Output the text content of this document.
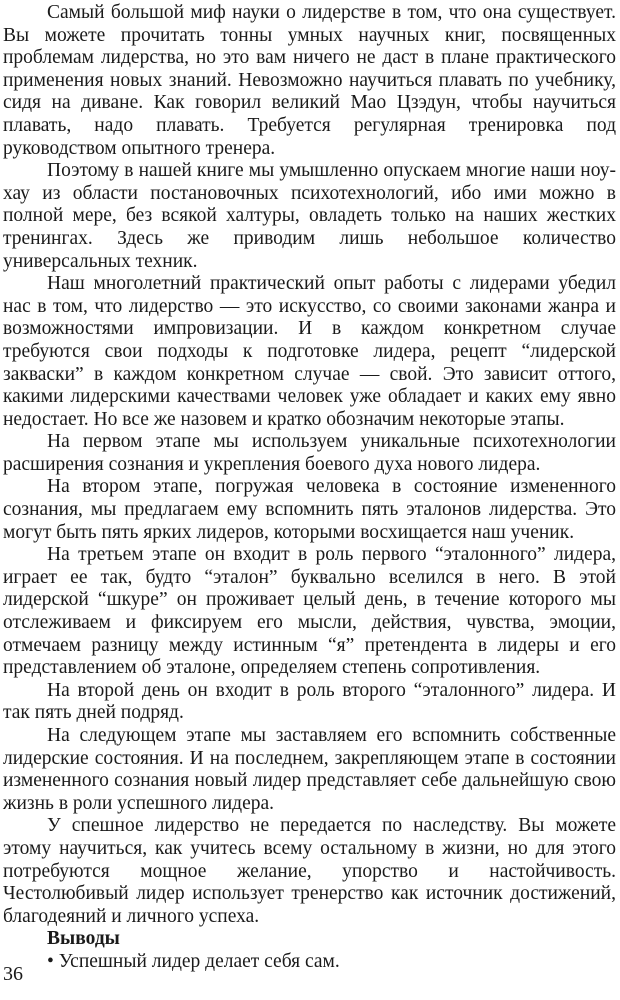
Самый большой миф науки о лидерстве в том, что она существует. Вы можете прочитать тонны умных научных книг, посвященных проблемам лидерства, но это вам ничего не даст в плане практического применения новых знаний. Невозможно научиться плавать по учебнику, сидя на диване. Как говорил великий Мао Цзэдун, чтобы научиться плавать, надо плавать. Требуется регулярная тренировка под руководством опытного тренера.

Поэтому в нашей книге мы умышленно опускаем многие наши ноу-хау из области постановочных психотехнологий, ибо ими можно в полной мере, без всякой халтуры, овладеть только на наших жестких тренингах. Здесь же приводим лишь небольшое количество универсальных техник.

Наш многолетний практический опыт работы с лидерами убедил нас в том, что лидерство — это искусство, со своими законами жанра и возможностями импровизации. И в каждом конкретном случае требуются свои подходы к подготовке лидера, рецепт “лидерской закваски” в каждом конкретном случае — свой. Это зависит оттого, какими лидерскими качествами человек уже обладает и каких ему явно недостает. Но все же назовем и кратко обозначим некоторые этапы.

На первом этапе мы используем уникальные психотехнологии расширения сознания и укрепления боевого духа нового лидера.

На втором этапе, погружая человека в состояние измененного сознания, мы предлагаем ему вспомнить пять эталонов лидерства. Это могут быть пять ярких лидеров, которыми восхищается наш ученик.

На третьем этапе он входит в роль первого “эталонного” лидера, играет ее так, будто “эталон” буквально вселился в него. В этой лидерской “шкуре” он проживает целый день, в течение которого мы отслеживаем и фиксируем его мысли, действия, чувства, эмоции, отмечаем разницу между истинным “я” претендента в лидеры и его представлением об эталоне, определяем степень сопротивления.

На второй день он входит в роль второго “эталонного” лидера. И так пять дней подряд.

На следующем этапе мы заставляем его вспомнить собственные лидерские состояния. И на последнем, закрепляющем этапе в состоянии измененного сознания новый лидер представляет себе дальнейшую свою жизнь в роли успешного лидера.

У спешное лидерство не передается по наследству. Вы можете этому научиться, как учитесь всему остальному в жизни, но для этого потребуются мощное желание, упорство и настойчивость. Честолюбивый лидер использует тренерство как источник достижений, благодеяний и личного успеха.

Выводы
• Успешный лидер делает себя сам.
36
